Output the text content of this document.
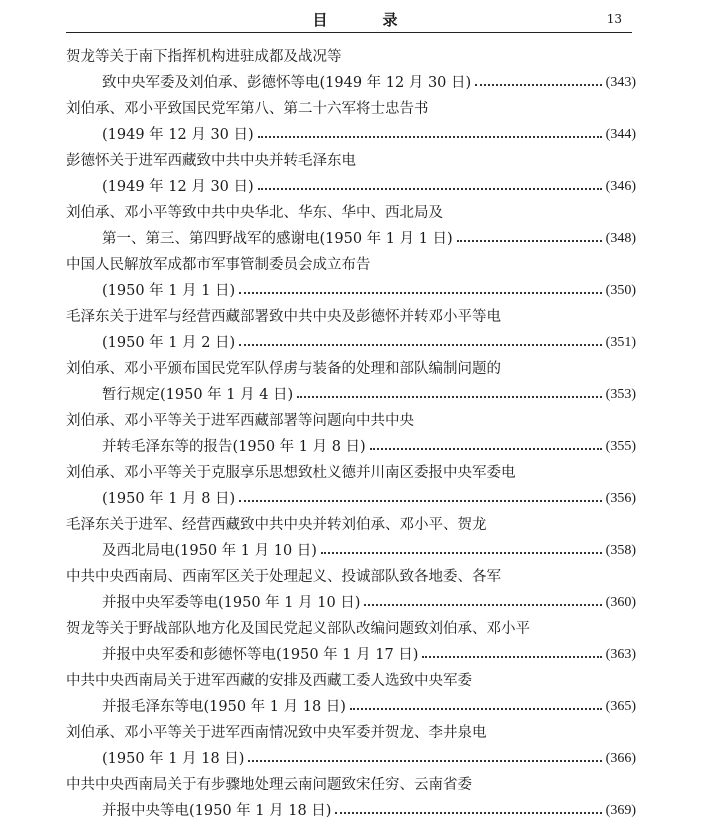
目　录	13
贺龙等关于南下指挥机构进驻成都及战况等
致中央军委及刘伯承、彭德怀等电(1949 年 12 月 30 日)	(343)
刘伯承、邓小平致国民党军第八、第二十六军将士忠告书
(1949 年 12 月 30 日)	(344)
彭德怀关于进军西藏致中共中央并转毛泽东电
(1949 年 12 月 30 日)	(346)
刘伯承、邓小平等致中共中央华北、华东、华中、西北局及
第一、第三、第四野战军的感谢电(1950 年 1 月 1 日)	(348)
中国人民解放军成都市军事管制委员会成立布告
(1950 年 1 月 1 日)	(350)
毛泽东关于进军与经营西藏部署致中共中央及彭德怀并转邓小平等电
(1950 年 1 月 2 日)	(351)
刘伯承、邓小平颁布国民党军队俘虏与装备的处理和部队编制问题的
暂行规定(1950 年 1 月 4 日)	(353)
刘伯承、邓小平等关于进军西藏部署等问题向中共中央
并转毛泽东等的报告(1950 年 1 月 8 日)	(355)
刘伯承、邓小平等关于克服享乐思想致杜义德并川南区委报中央军委电
(1950 年 1 月 8 日)	(356)
毛泽东关于进军、经营西藏致中共中央并转刘伯承、邓小平、贺龙
及西北局电(1950 年 1 月 10 日)	(358)
中共中央西南局、西南军区关于处理起义、投诚部队致各地委、各军
并报中央军委等电(1950 年 1 月 10 日)	(360)
贺龙等关于野战部队地方化及国民党起义部队改编问题致刘伯承、邓小平
并报中央军委和彭德怀等电(1950 年 1 月 17 日)	(363)
中共中央西南局关于进军西藏的安排及西藏工委人选致中央军委
并报毛泽东等电(1950 年 1 月 18 日)	(365)
刘伯承、邓小平等关于进军西南情况致中央军委并贺龙、李井泉电
(1950 年 1 月 18 日)	(366)
中共中央西南局关于有步骤地处理云南问题致宋任穷、云南省委
并报中央等电(1950 年 1 月 18 日)	(369)
